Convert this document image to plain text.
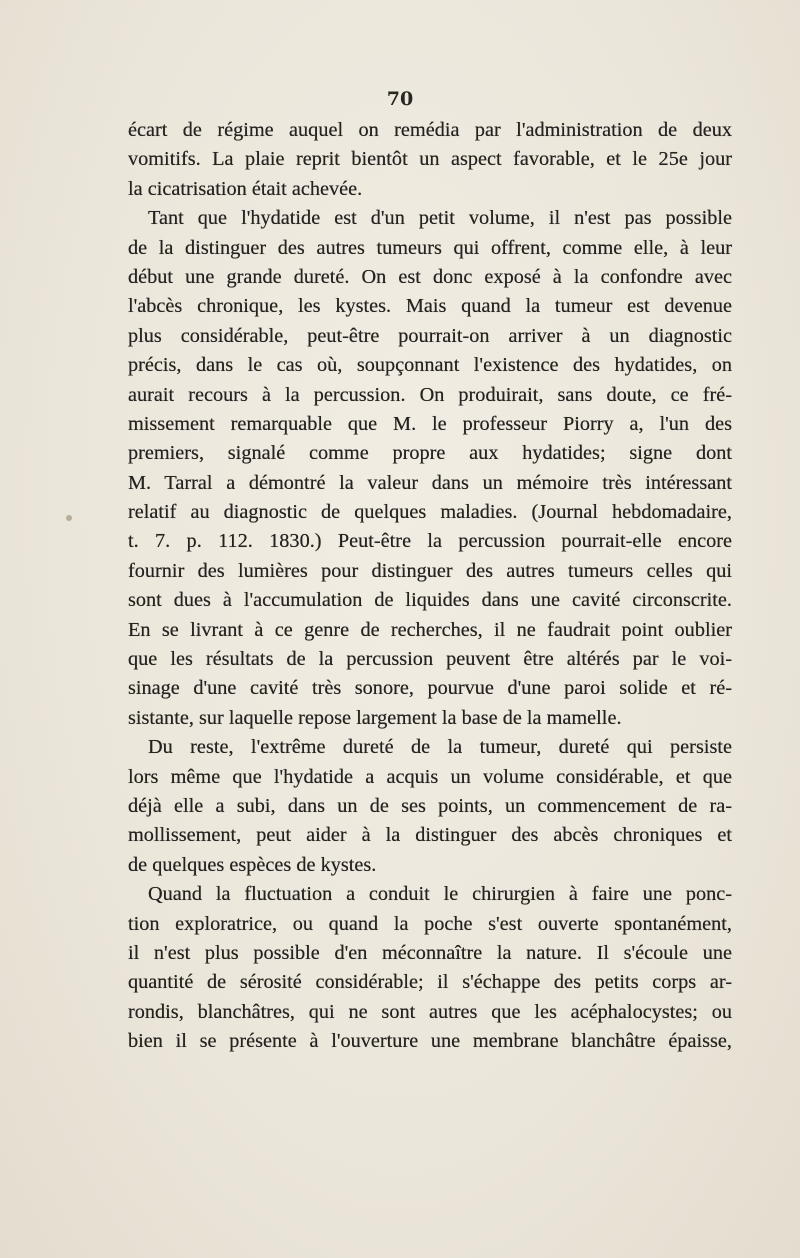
70
écart de régime auquel on remédia par l'administration de deux
vomitifs. La plaie reprit bientôt un aspect favorable, et le 25e jour
la cicatrisation était achevée.
Tant que l'hydatide est d'un petit volume, il n'est pas possible
de la distinguer des autres tumeurs qui offrent, comme elle, à leur
début une grande dureté. On est donc exposé à la confondre avec
l'abcès chronique, les kystes. Mais quand la tumeur est devenue
plus considérable, peut-être pourrait-on arriver à un diagnostic
précis, dans le cas où, soupçonnant l'existence des hydatides, on
aurait recours à la percussion. On produirait, sans doute, ce fré-
missement remarquable que M. le professeur Piorry a, l'un des
premiers, signalé comme propre aux hydatides; signe dont
M. Tarral a démontré la valeur dans un mémoire très intéressant
relatif au diagnostic de quelques maladies. (Journal hebdomadaire,
t. 7. p. 112. 1830.) Peut-être la percussion pourrait-elle encore
fournir des lumières pour distinguer des autres tumeurs celles qui
sont dues à l'accumulation de liquides dans une cavité circonscrite.
En se livrant à ce genre de recherches, il ne faudrait point oublier
que les résultats de la percussion peuvent être altérés par le voi-
sinage d'une cavité très sonore, pourvue d'une paroi solide et ré-
sistante, sur laquelle repose largement la base de la mamelle.
Du reste, l'extrême dureté de la tumeur, dureté qui persiste
lors même que l'hydatide a acquis un volume considérable, et que
déjà elle a subi, dans un de ses points, un commencement de ra-
mollissement, peut aider à la distinguer des abcès chroniques et
de quelques espèces de kystes.
Quand la fluctuation a conduit le chirurgien à faire une ponc-
tion exploratrice, ou quand la poche s'est ouverte spontanément,
il n'est plus possible d'en méconnaître la nature. Il s'écoule une
quantité de sérosité considérable; il s'échappe des petits corps ar-
rondis, blanchâtres, qui ne sont autres que les acéphalocystes; ou
bien il se présente à l'ouverture une membrane blanchâtre épaisse,
